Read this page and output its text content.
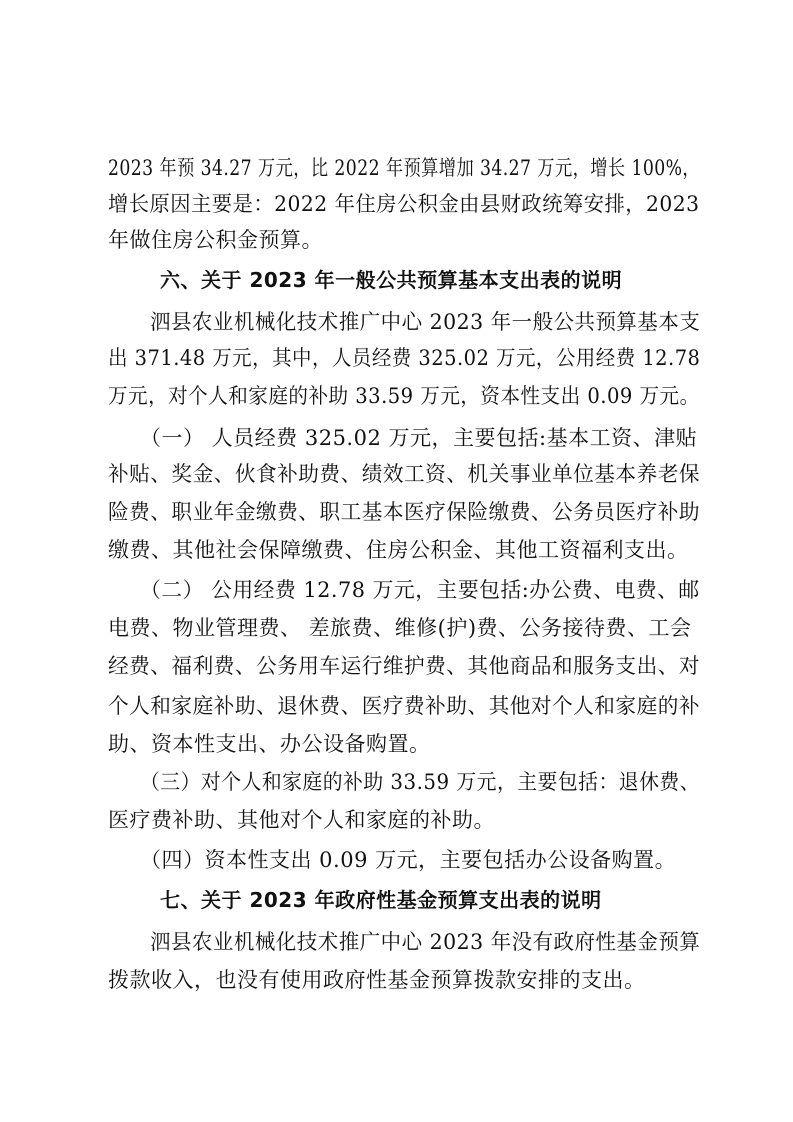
2023 年预 34.27 万元，比 2022 年预算增加 34.27 万元，增长 100%，
增长原因主要是：2022 年住房公积金由县财政统筹安排，2023
年做住房公积金预算。
六、关于 2023 年一般公共预算基本支出表的说明
泗县农业机械化技术推广中心 2023 年一般公共预算基本支
出 371.48 万元，其中，人员经费 325.02 万元，公用经费 12.78
万元，对个人和家庭的补助 33.59 万元，资本性支出 0.09 万元。
（一） 人员经费 325.02 万元，主要包括:基本工资、津贴
补贴、奖金、伙食补助费、绩效工资、机关事业单位基本养老保
险费、职业年金缴费、职工基本医疗保险缴费、公务员医疗补助
缴费、其他社会保障缴费、住房公积金、其他工资福利支出。
（二） 公用经费 12.78 万元，主要包括:办公费、电费、邮
电费、物业管理费、 差旅费、维修(护)费、公务接待费、工会
经费、福利费、公务用车运行维护费、其他商品和服务支出、对
个人和家庭补助、退休费、医疗费补助、其他对个人和家庭的补
助、资本性支出、办公设备购置。
（三）对个人和家庭的补助 33.59 万元，主要包括：退休费、
医疗费补助、其他对个人和家庭的补助。
（四）资本性支出 0.09 万元，主要包括办公设备购置。
七、关于 2023 年政府性基金预算支出表的说明
泗县农业机械化技术推广中心 2023 年没有政府性基金预算
拨款收入，也没有使用政府性基金预算拨款安排的支出。
